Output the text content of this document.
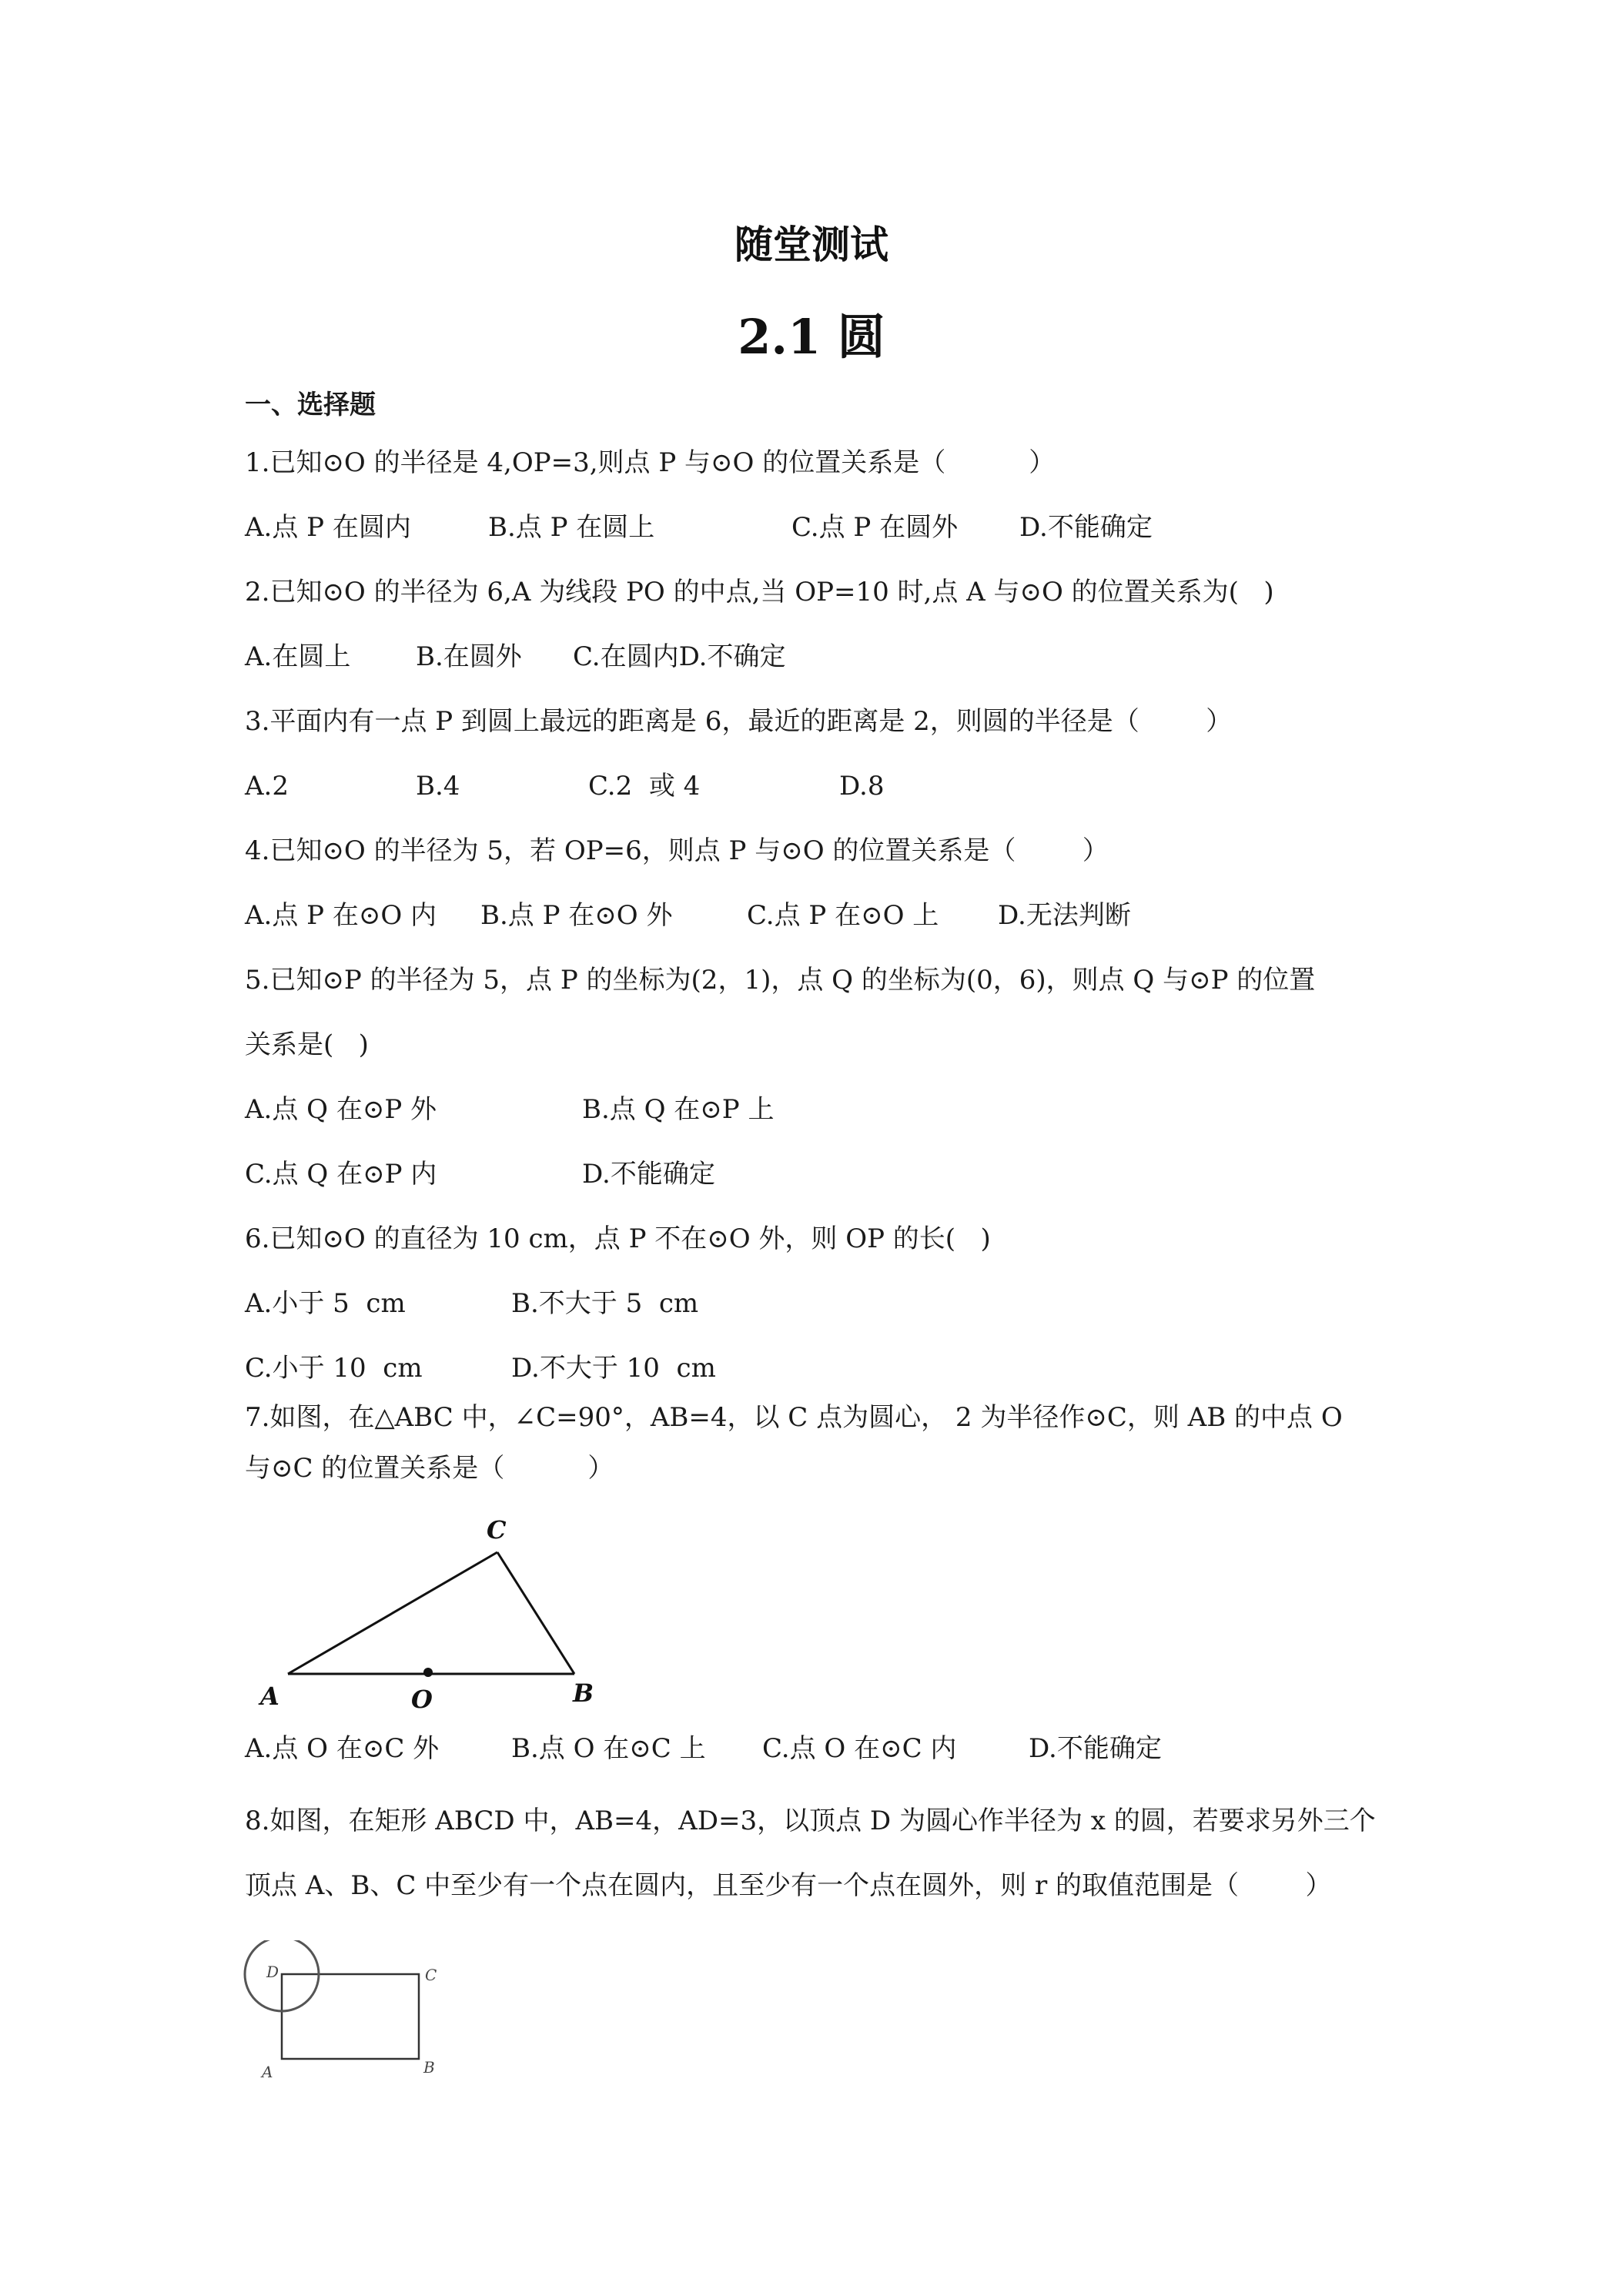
随堂测试
2.1 圆
一、选择题
1.已知⊙O 的半径是 4,OP=3,则点 P 与⊙O 的位置关系是（          ）
A.点 P 在圆内	B.点 P 在圆上	C.点 P 在圆外 D.不能确定
2.已知⊙O 的半径为 6,A 为线段 PO 的中点,当 OP=10 时,点 A 与⊙O 的位置关系为(   )
A.在圆上 B.在圆外 C.在圆内D.不确定
3.平面内有一点 P 到圆上最远的距离是 6，最近的距离是 2，则圆的半径是（        ）
A.2	B.4	C.2  或 4	D.8
4.已知⊙O 的半径为 5，若 OP=6，则点 P 与⊙O 的位置关系是（        ）
A.点 P 在⊙O 内 B.点 P 在⊙O 外	C.点 P 在⊙O 上 D.无法判断
5.已知⊙P 的半径为 5，点 P 的坐标为(2，1)，点 Q 的坐标为(0，6)，则点 Q 与⊙P 的位置
关系是(   )
A.点 Q 在⊙P 外	B.点 Q 在⊙P 上
C.点 Q 在⊙P 内	D.不能确定
6.已知⊙O 的直径为 10 cm，点 P 不在⊙O 外，则 OP 的长(   )
A.小于 5  cm	B.不大于 5  cm
C.小于 10  cm	D.不大于 10  cm
7.如图，在△ABC 中，∠C=90°，AB=4，以 C 点为圆心， 2 为半径作⊙C，则 AB 的中点 O
与⊙C 的位置关系是（          ）
A	B
C
O
A.点 O 在⊙C 外	B.点 O 在⊙C 上 C.点 O 在⊙C 内	D.不能确定
8.如图，在矩形 ABCD 中，AB=4，AD=3，以顶点 D 为圆心作半径为 x 的圆，若要求另外三个
顶点 A、B、C 中至少有一个点在圆内，且至少有一个点在圆外，则 r 的取值范围是（        ）
D	C
A	B
